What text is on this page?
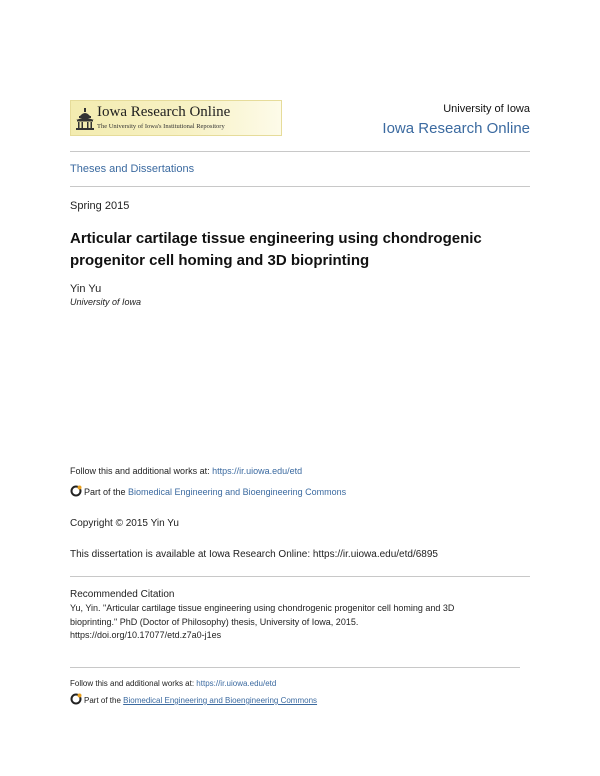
Iowa Research Online
The University of Iowa's Institutional Repository
University of Iowa
Iowa Research Online
Theses and Dissertations
Spring 2015
Articular cartilage tissue engineering using chondrogenic progenitor cell homing and 3D bioprinting
Yin Yu
University of Iowa
Follow this and additional works at: https://ir.uiowa.edu/etd
Part of the Biomedical Engineering and Bioengineering Commons
Copyright © 2015 Yin Yu
This dissertation is available at Iowa Research Online: https://ir.uiowa.edu/etd/6895
Recommended Citation
Yu, Yin. "Articular cartilage tissue engineering using chondrogenic progenitor cell homing and 3D
bioprinting." PhD (Doctor of Philosophy) thesis, University of Iowa, 2015.
https://doi.org/10.17077/etd.z7a0-j1es
Follow this and additional works at: https://ir.uiowa.edu/etd
Part of the Biomedical Engineering and Bioengineering Commons
